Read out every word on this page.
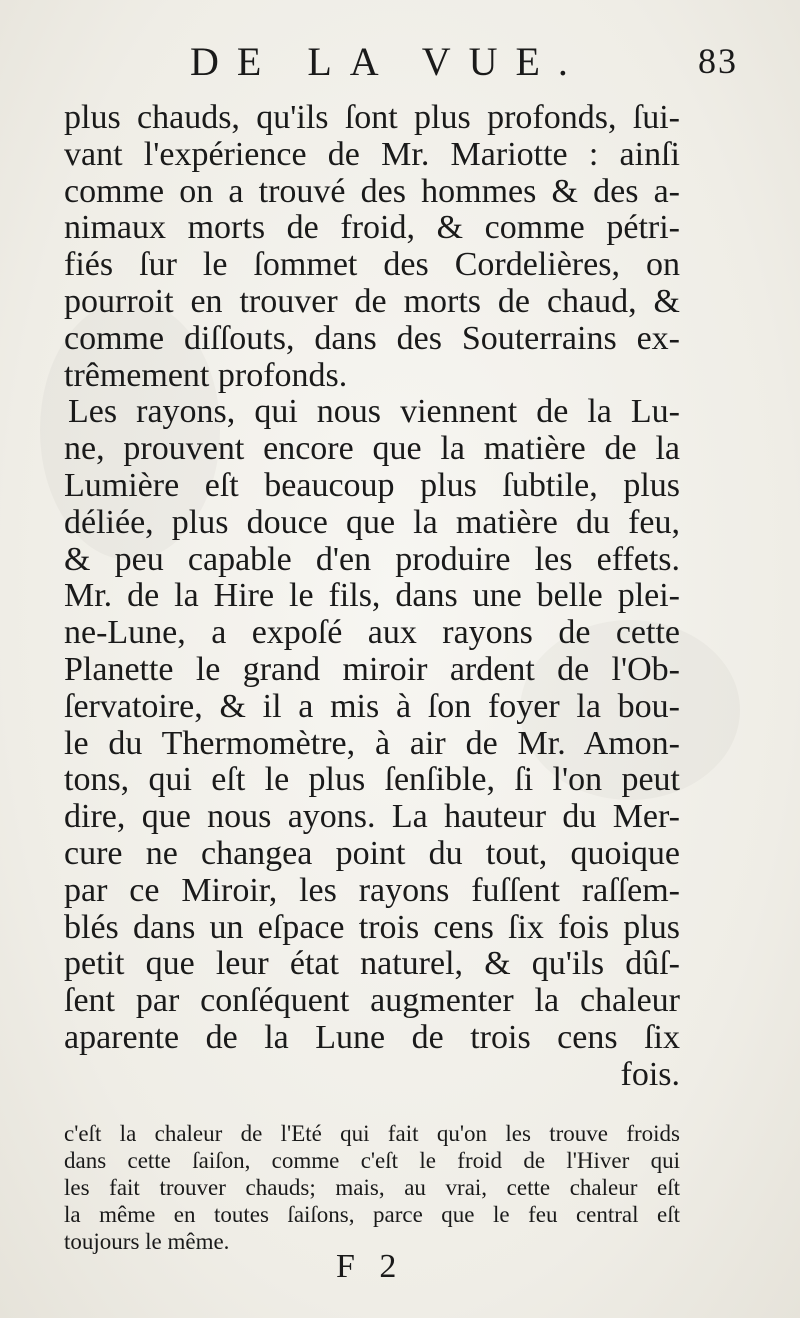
DE LA VUE.	83
plus chauds, qu'ils ſont plus profonds, ſui-
vant l'expérience de Mr. Mariotte : ainſi
comme on a trouvé des hommes & des a-
nimaux morts de froid, & comme pétri-
fiés ſur le ſommet des Cordelières, on
pourroit en trouver de morts de chaud, &
comme diſſouts, dans des Souterrains ex-
trêmement profonds.
Les rayons, qui nous viennent de la Lu-
ne, prouvent encore que la matière de la
Lumière eſt beaucoup plus ſubtile, plus
déliée, plus douce que la matière du feu,
& peu capable d'en produire les effets.
Mr. de la Hire le fils, dans une belle plei-
ne-Lune, a expoſé aux rayons de cette
Planette le grand miroir ardent de l'Ob-
ſervatoire, & il a mis à ſon foyer la bou-
le du Thermomètre, à air de Mr. Amon-
tons, qui eſt le plus ſenſible, ſi l'on peut
dire, que nous ayons. La hauteur du Mer-
cure ne changea point du tout, quoique
par ce Miroir, les rayons fuſſent raſſem-
blés dans un eſpace trois cens ſix fois plus
petit que leur état naturel, & qu'ils dûſ-
ſent par conſéquent augmenter la chaleur
aparente de la Lune de trois cens ſix
fois.
c'eſt la chaleur de l'Eté qui fait qu'on les trouve froids
dans cette ſaiſon, comme c'eſt le froid de l'Hiver qui
les fait trouver chauds; mais, au vrai, cette chaleur eſt
la même en toutes ſaiſons, parce que le feu central eſt
toujours le même.
F 2
